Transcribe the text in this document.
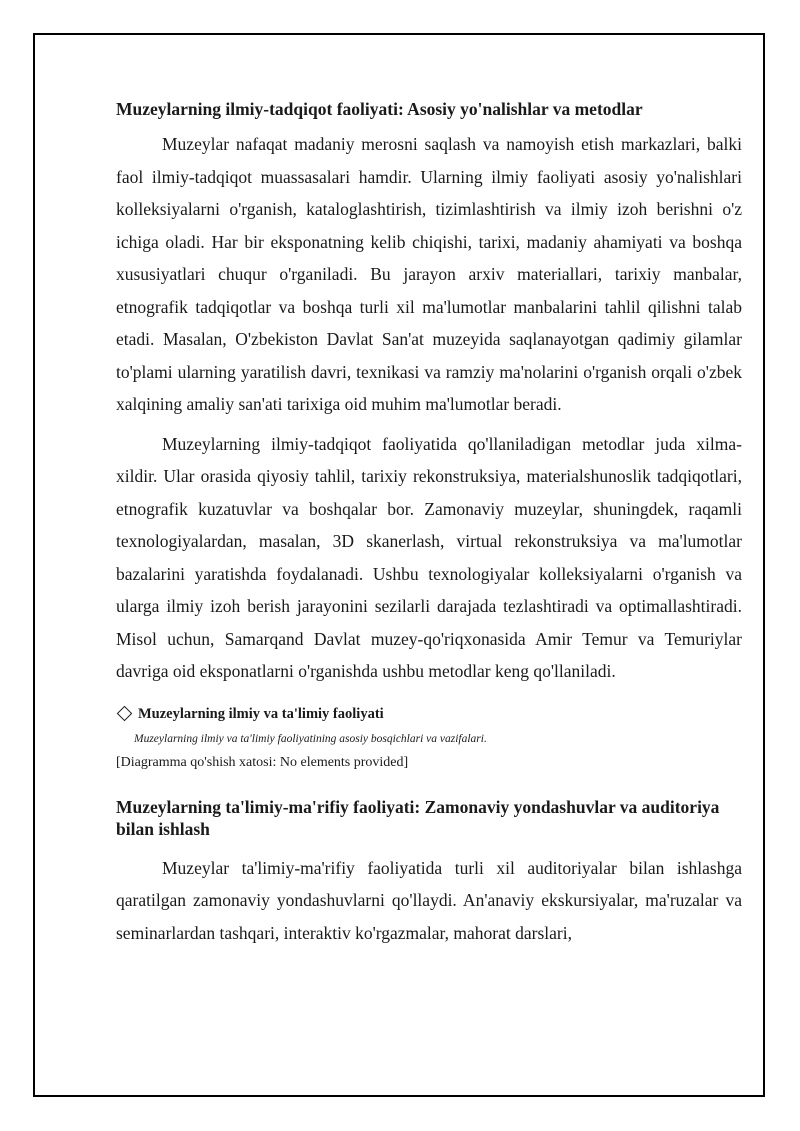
Muzeylarning ilmiy-tadqiqot faoliyati: Asosiy yo'nalishlar va metodlar

Muzeylar nafaqat madaniy merosni saqlash va namoyish etish markazlari, balki faol ilmiy-tadqiqot muassasalari hamdir. Ularning ilmiy faoliyati asosiy yo'nalishlari kolleksiyalarni o'rganish, kataloglashtirish, tizimlashtirish va ilmiy izoh berishni o'z ichiga oladi. Har bir eksponatning kelib chiqishi, tarixi, madaniy ahamiyati va boshqa xususiyatlari chuqur o'rganiladi. Bu jarayon arxiv materiallari, tarixiy manbalar, etnografik tadqiqotlar va boshqa turli xil ma'lumotlar manbalarini tahlil qilishni talab etadi. Masalan, O'zbekiston Davlat San'at muzeyida saqlanayotgan qadimiy gilamlar to'plami ularning yaratilish davri, texnikasi va ramziy ma'nolarini o'rganish orqali o'zbek xalqining amaliy san'ati tarixiga oid muhim ma'lumotlar beradi.

Muzeylarning ilmiy-tadqiqot faoliyatida qo'llaniladigan metodlar juda xilma-xildir. Ular orasida qiyosiy tahlil, tarixiy rekonstruksiya, materialshunoslik tadqiqotlari, etnografik kuzatuvlar va boshqalar bor. Zamonaviy muzeylar, shuningdek, raqamli texnologiyalardan, masalan, 3D skanerlash, virtual rekonstruksiya va ma'lumotlar bazalarini yaratishda foydalanadi. Ushbu texnologiyalar kolleksiyalarni o'rganish va ularga ilmiy izoh berish jarayonini sezilarli darajada tezlashtiradi va optimallashtiradi. Misol uchun, Samarqand Davlat muzey-qo'riqxonasida Amir Temur va Temuriylar davriga oid eksponatlarni o'rganishda ushbu metodlar keng qo'llaniladi.

Muzeylarning ilmiy va ta'limiy faoliyati
Muzeylarning ilmiy va ta'limiy faoliyatining asosiy bosqichlari va vazifalari.
[Diagramma qo'shish xatosi: No elements provided]
Muzeylarning ta'limiy-ma'rifiy faoliyati: Zamonaviy yondashuvlar va auditoriya bilan ishlash

Muzeylar ta'limiy-ma'rifiy faoliyatida turli xil auditoriyalar bilan ishlashga qaratilgan zamonaviy yondashuvlarni qo'llaydi. An'anaviy ekskursiyalar, ma'ruzalar va seminarlardan tashqari, interaktiv ko'rgazmalar, mahorat darslari,
